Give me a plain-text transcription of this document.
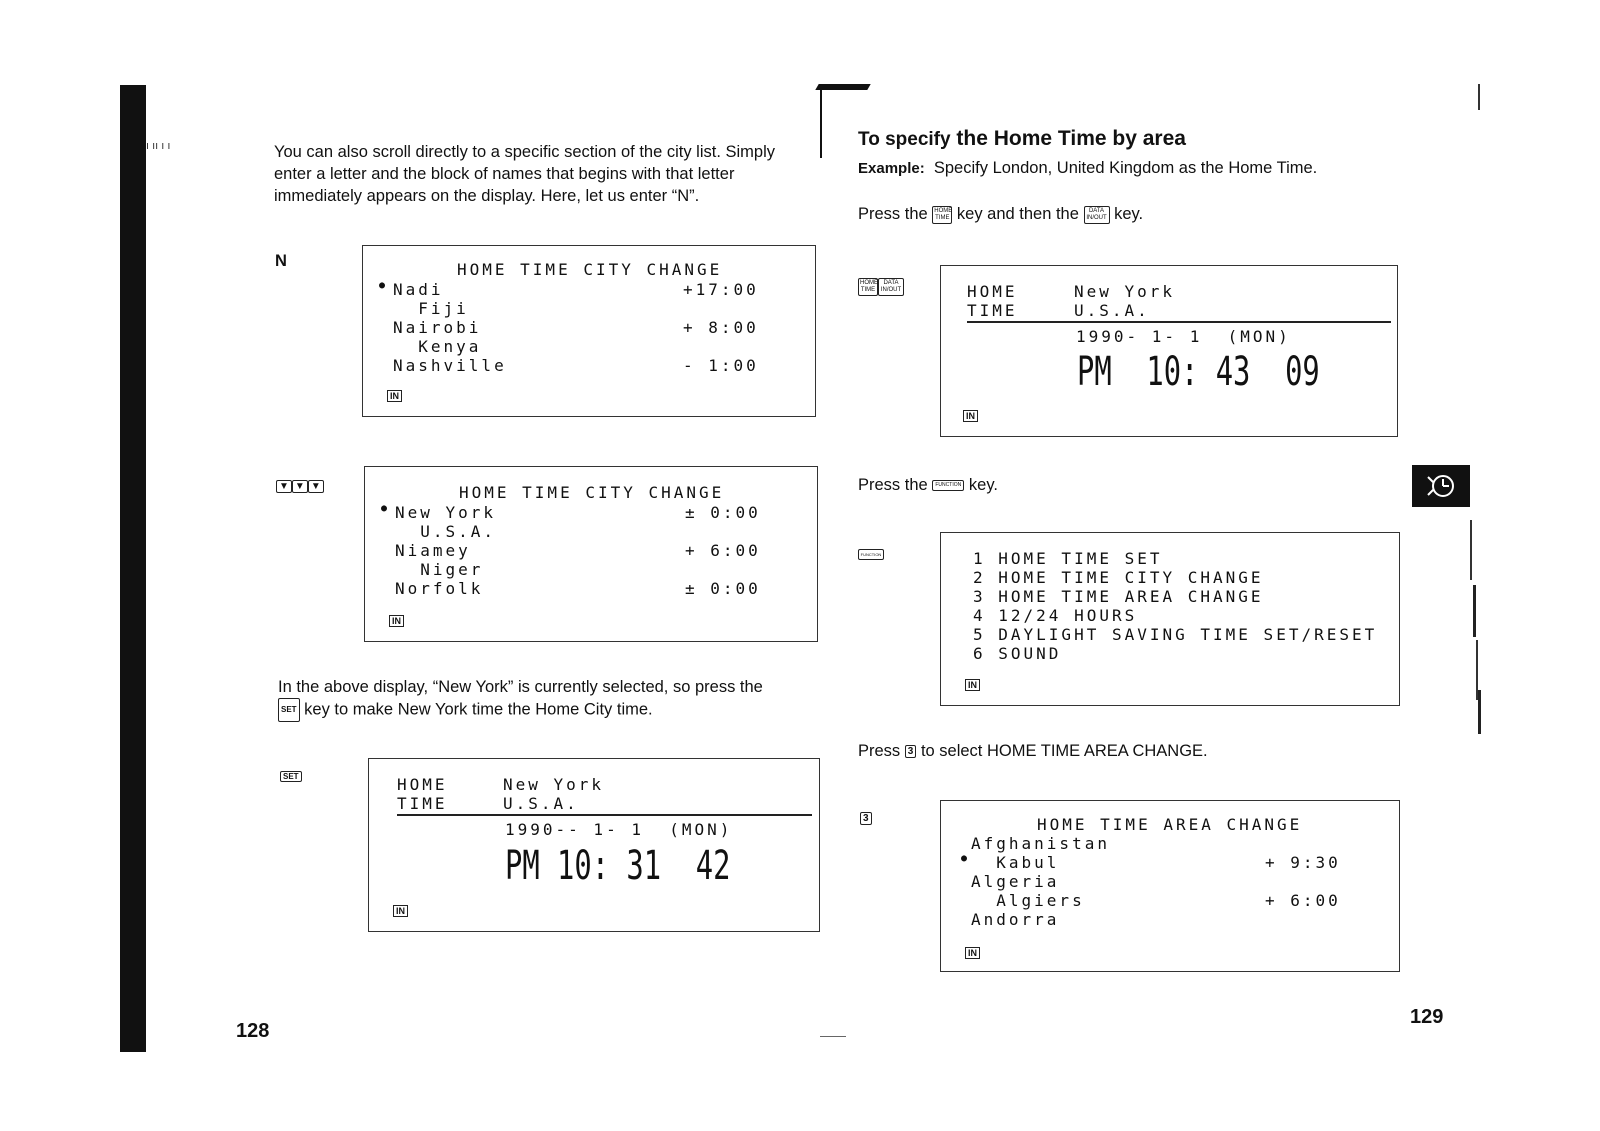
ı ıı ı ı	You can also scroll directly to a specific section of the city list. Simply
enter a letter and the block of names that begins with that letter
immediately appears on the display. Here, let us enter “N”.
N	HOME TIME CITY CHANGE
● Nadi	+17:00
Fiji
Nairobi	+ 8:00
Kenya
Nashville	- 1:00
IN
▼ ▼ ▼	HOME TIME CITY CHANGE
● New York	± 0:00
U.S.A.
Niamey	+ 6:00
Niger
Norfolk	± 0:00
IN
In the above display, “New York” is currently selected, so press the
SET key to make New York time the Home City time.
SET	HOME
TIME
New York
U.S.A.
1990-- 1- 1  (MON)
PM 10: 31  42
IN
128
To specify the Home Time by area
Example: Specify London, United Kingdom as the Home Time.
Press the HOME TIME key and then the DATA IN/OUT key.
HOME TIMEDATA IN/OUT	HOME
TIME
New York
U.S.A.
1990- 1- 1  (MON)
PM  10: 43  09
IN
Press the FUNCTION key.
FUNCTION	1 HOME TIME SET
2 HOME TIME CITY CHANGE
3 HOME TIME AREA CHANGE
4 12/24 HOURS
5 DAYLIGHT SAVING TIME SET/RESET
6 SOUND
IN
Press 3 to select HOME TIME AREA CHANGE.
3	HOME TIME AREA CHANGE
Afghanistan
● Kabul	+ 9:30
Algeria
Algiers	+ 6:00
Andorra
IN
129
